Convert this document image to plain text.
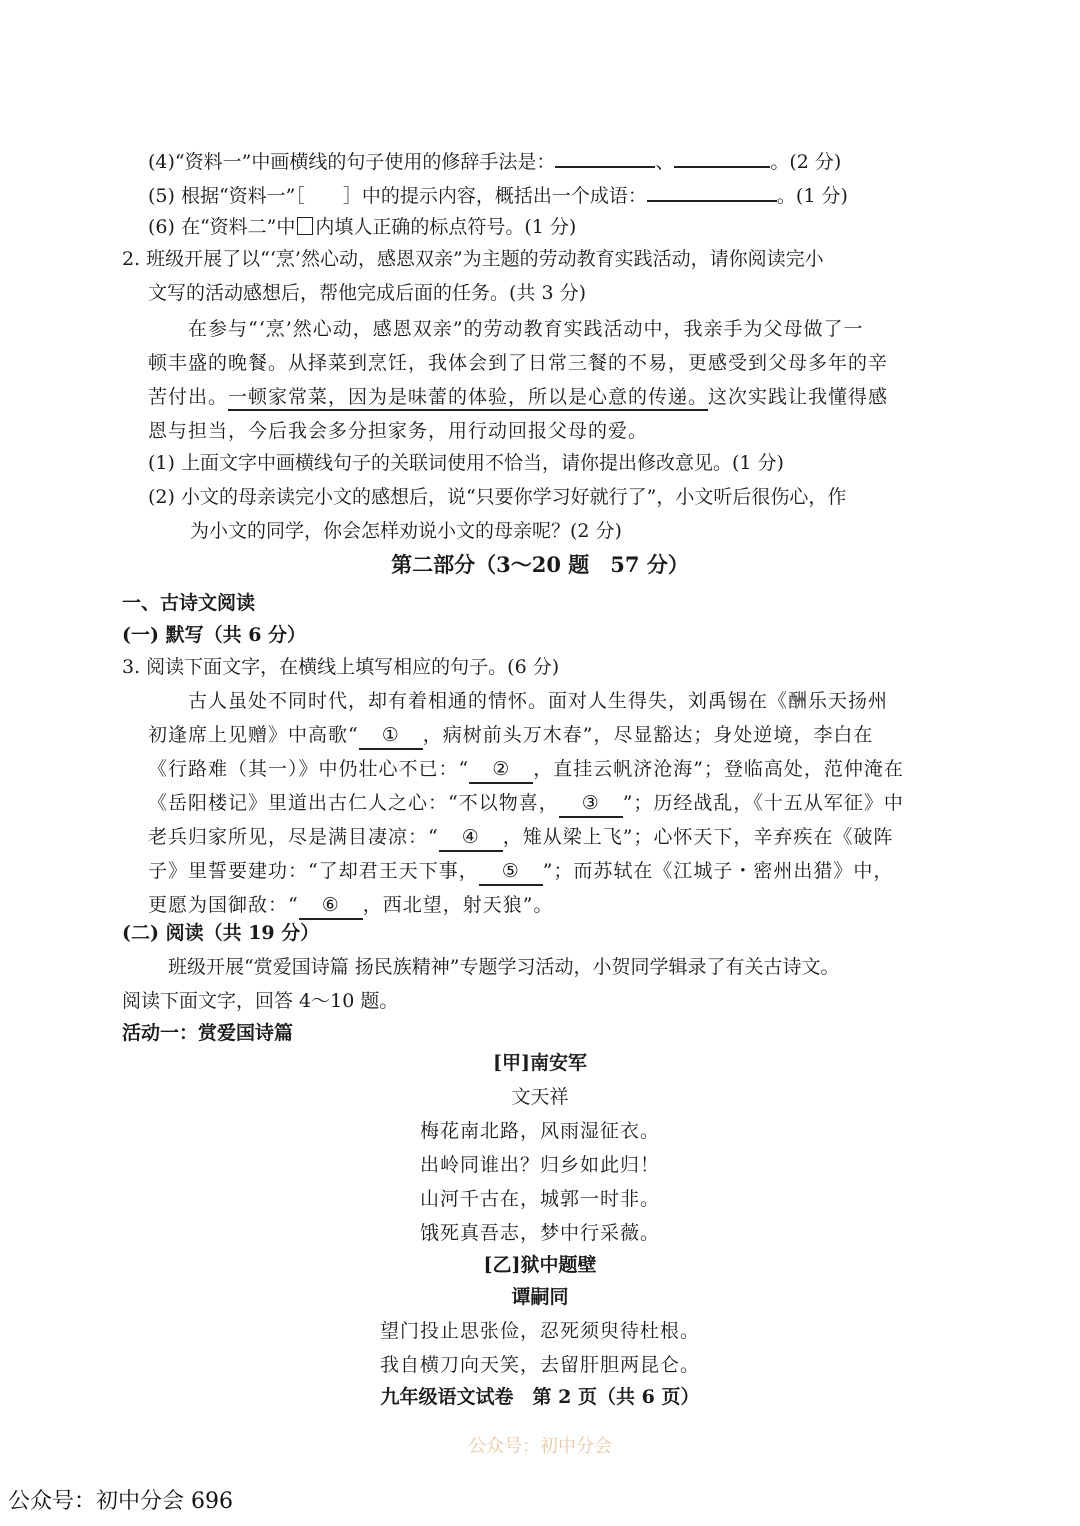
(4)“资料一”中画横线的句子使用的修辞手法是：	、	。(2 分)
(5) 根据“资料一”［ ］中的提示内容，概括出一个成语：	。(1 分)
(6) 在“资料二”中 内填人正确的标点符号。(1 分)
2. 班级开展了以“‘烹’然心动，感恩双亲”为主题的劳动教育实践活动，请你阅读完小
文写的活动感想后，帮他完成后面的任务。(共 3 分)
在参与“‘烹’然心动，感恩双亲”的劳动教育实践活动中，我亲手为父母做了一
顿丰盛的晚餐。从择菜到烹饪，我体会到了日常三餐的不易，更感受到父母多年的辛
苦付出。一顿家常菜，因为是味蕾的体验，所以是心意的传递。这次实践让我懂得感
恩与担当，今后我会多分担家务，用行动回报父母的爱。
(1) 上面文字中画横线句子的关联词使用不恰当，请你提出修改意见。(1 分)
(2) 小文的母亲读完小文的感想后，说“只要你学习好就行了”，小文听后很伤心，作
为小文的同学，你会怎样劝说小文的母亲呢？(2 分)
第二部分（3～20 题　57 分）
一、古诗文阅读
(一) 默写（共 6 分）
3. 阅读下面文字，在横线上填写相应的句子。(6 分)
古人虽处不同时代，却有着相通的情怀。面对人生得失，刘禹锡在《酬乐天扬州
初逢席上见赠》中高歌“ ① ，病树前头万木春”，尽显豁达；身处逆境，李白在
《行路难（其一）》中仍壮心不已：“ ② ，直挂云帆济沧海”；登临高处，范仲淹在
《岳阳楼记》里道出古仁人之心：“不以物喜， ③ ”；历经战乱，《十五从军征》中
老兵归家所见，尽是满目凄凉：“ ④ ，雉从梁上飞”；心怀天下，辛弃疾在《破阵
子》里誓要建功：“了却君王天下事， ⑤ ”；而苏轼在《江城子・密州出猎》中，
更愿为国御敌：“ ⑥ ，西北望，射天狼”。
(二) 阅读（共 19 分）
班级开展“赏爱国诗篇 扬民族精神”专题学习活动，小贺同学辑录了有关古诗文。
阅读下面文字，回答 4～10 题。
活动一：赏爱国诗篇
[甲]南安军
文天祥
梅花南北路，风雨湿征衣。
出岭同谁出？归乡如此归！
山河千古在，城郭一时非。
饿死真吾志，梦中行采薇。
[乙]狱中题壁
谭嗣同
望门投止思张俭，忍死须臾待杜根。
我自横刀向天笑，去留肝胆两昆仑。
九年级语文试卷　第 2 页（共 6 页）
公众号：初中分会
公众号：初中分会 696
